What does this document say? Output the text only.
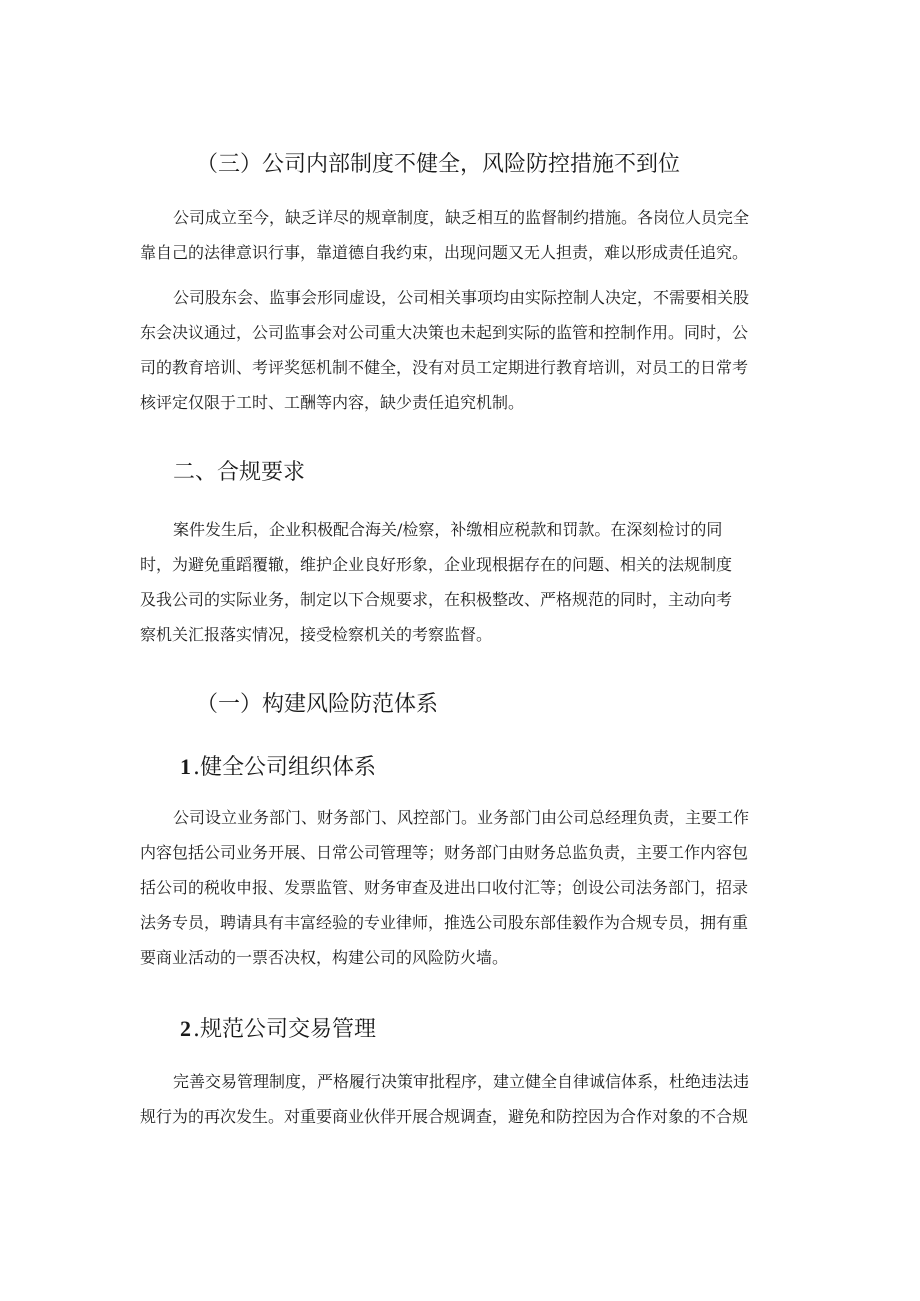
（三）公司内部制度不健全，风险防控措施不到位
公司成立至今，缺乏详尽的规章制度，缺乏相互的监督制约措施。各岗位人员完全
靠自己的法律意识行事，靠道德自我约束，出现问题又无人担责，难以形成责任追究。
公司股东会、监事会形同虚设，公司相关事项均由实际控制人决定，不需要相关股
东会决议通过，公司监事会对公司重大决策也未起到实际的监管和控制作用。同时，公
司的教育培训、考评奖惩机制不健全，没有对员工定期进行教育培训，对员工的日常考
核评定仅限于工时、工酬等内容，缺少责任追究机制。
二、合规要求
案件发生后，企业积极配合海关/检察，补缴相应税款和罚款。在深刻检讨的同
时，为避免重蹈覆辙，维护企业良好形象，企业现根据存在的问题、相关的法规制度
及我公司的实际业务，制定以下合规要求，在积极整改、严格规范的同时，主动向考
察机关汇报落实情况，接受检察机关的考察监督。
（一）构建风险防范体系
1.健全公司组织体系
公司设立业务部门、财务部门、风控部门。业务部门由公司总经理负责，主要工作
内容包括公司业务开展、日常公司管理等；财务部门由财务总监负责，主要工作内容包
括公司的税收申报、发票监管、财务审查及进出口收付汇等；创设公司法务部门，招录
法务专员，聘请具有丰富经验的专业律师，推选公司股东部佳毅作为合规专员，拥有重
要商业活动的一票否决权，构建公司的风险防火墙。
2.规范公司交易管理
完善交易管理制度，严格履行决策审批程序，建立健全自律诚信体系，杜绝违法违
规行为的再次发生。对重要商业伙伴开展合规调查，避免和防控因为合作对象的不合规
